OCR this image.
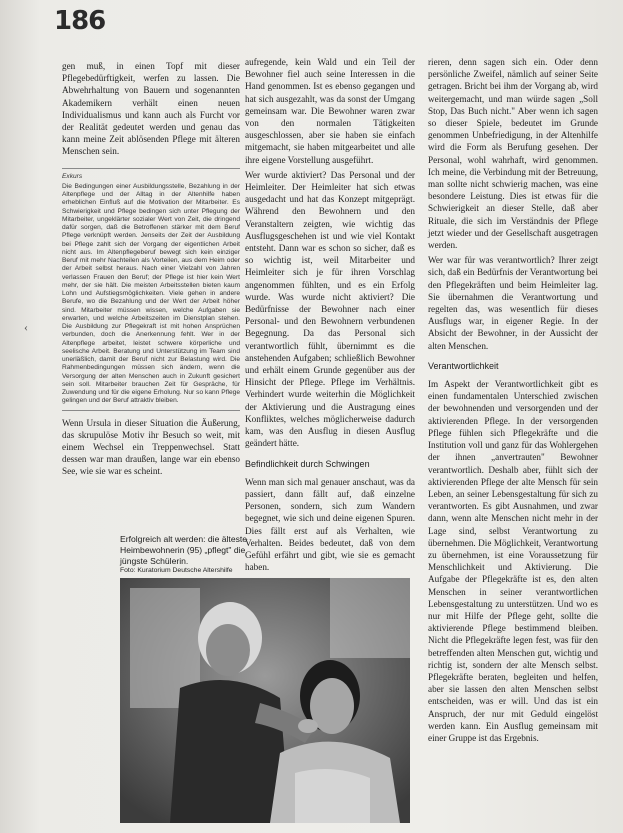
186

gen muß, in einen Topf mit dieser Pflegebedürftigkeit, werfen zu lassen. Die Abwehrhaltung von Bauern und sogenannten Akademikern verhält einen neuen Individualismus und kann auch als Furcht vor der Realität gedeutet werden und genau das kann meine Zeit ablösenden Pflege mit älteren Menschen sein.

Exkurs

Die Bedingungen einer Ausbildungsstelle, Bezahlung in der Altenpflege und der Alltag in der Altenhilfe haben erheblichen Einfluß auf die Motivation der Mitarbeiter. Es Schwierigkeit und Pflege bedingen sich unter Pflegung der Mitarbeiter, ungeklärter sozialer Wert von Zeit, die dringend dafür sorgen, daß die Betroffenen stärker mit dem Beruf Pflege verknüpft werden. Jenseits der Zeit der Ausbildung bei Pflege zahlt sich der Vorgang der eigentlichen Arbeit nicht aus. Im Altenpflegeberuf bewegt sich kein einziger Beruf mit mehr Nachteilen als Vorteilen, aus dem Heim oder der Arbeit selbst heraus. Nach einer Vielzahl von Jahren verlassen Frauen den Beruf; der Pflege ist hier kein Wert mehr, der sie hält. Die meisten Arbeitsstellen bieten kaum Lohn und Aufstiegsmöglichkeiten. Viele gehen in andere Berufe, wo die Bezahlung und der Wert der Arbeit höher sind. Mitarbeiter müssen wissen, welche Aufgaben sie erwarten, und welche Arbeitszeiten im Dienstplan stehen. Die Ausbildung zur Pflegekraft ist mit hohen Ansprüchen verbunden, doch die Anerkennung fehlt. Wer in der Altenpflege arbeitet, leistet schwere körperliche und seelische Arbeit. Beratung und Unterstützung im Team sind unerläßlich, damit der Beruf nicht zur Belastung wird. Die Rahmenbedingungen müssen sich ändern, wenn die Versorgung der alten Menschen auch in Zukunft gesichert sein soll. Mitarbeiter brauchen Zeit für Gespräche, für Zuwendung und für die eigene Erholung. Nur so kann Pflege gelingen und der Beruf attraktiv bleiben.

Wenn Ursula in dieser Situation die Äußerung, das skrupulöse Motiv ihr Besuch so weit, mit einem Wechsel ein Treppenwechsel. Statt dessen war man draußen, lange war ein ebenso See, wie sie war es scheint.

aufregende, kein Wald und ein Teil der Bewohner fiel auch seine Interessen in die Hand genommen. Ist es ebenso gegangen und hat sich ausgezahlt, was da sonst der Umgang gemeinsam war. Die Bewohner waren zwar von den normalen Tätigkeiten ausgeschlossen, aber sie haben sie einfach mitgemacht, sie haben mitgearbeitet und alle ihre eigene Vorstellung ausgeführt.

Wer wurde aktiviert? Das Personal und der Heimleiter. Der Heimleiter hat sich etwas ausgedacht und hat das Konzept mitgeprägt. Während den Bewohnern und den Veranstaltern zeigten, wie wichtig das Ausflugsgeschehen ist und wie viel Kontakt entsteht. Dann war es schon so sicher, daß es so wichtig ist, weil Mitarbeiter und Heimleiter sich je für ihren Vorschlag angenommen fühlten, und es ein Erfolg wurde. Was wurde nicht aktiviert? Die Bedürfnisse der Bewohner nach einer Personal- und den Bewohnern verbundenen Begegnung. Da das Personal sich verantwortlich fühlt, übernimmt es die anstehenden Aufgaben; schließlich Bewohner und erhält einem Grunde gegenüber aus der Hinsicht der Pflege. Pflege im Verhältnis. Verhindert wurde weiterhin die Möglichkeit der Aktivierung und die Austragung eines Konfliktes, welches möglicherweise dadurch kam, was den Ausflug in diesen Ausflug geändert hätte.

Befindlichkeit durch Schwingen

Wenn man sich mal genauer anschaut, was da passiert, dann fällt auf, daß einzelne Personen, sondern, sich zum Wandern begegnet, wie sich und deine eigenen Spuren. Dies fällt erst auf als Verhalten, wie Verhalten. Beides bedeutet, daß von dem Gefühl erfährt und gibt, wie sie es gemacht haben.

rieren, denn sagen sich ein. Oder denn persönliche Zweifel, nämlich auf seiner Seite getragen. Bricht bei ihm der Vorgang ab, wird weitergemacht, und man würde sagen „Soll Stop, Das Buch nicht." Aber wenn ich sagen so dieser Spiele, bedeutet im Grunde genommen Unbefriedigung, in der Altenhilfe wird die Form als Berufung gesehen. Der Personal, wohl wahrhaft, wird genommen. Ich meine, die Verbindung mit der Betreuung, man sollte nicht schwierig machen, was eine besondere Leistung. Dies ist etwas für die Schwierigkeit an dieser Stelle, daß aber Rituale, die sich im Verständnis der Pflege jetzt wieder und der Gesellschaft ausgetragen werden.

Wer war für was verantwortlich? Ihrer zeigt sich, daß ein Bedürfnis der Verantwortung bei den Pflegekräften und beim Heimleiter lag. Sie übernahmen die Verantwortung und regelten das, was wesentlich für dieses Ausflugs war, in eigener Regie. In der Absicht der Bewohner, in der Aussicht der alten Menschen.

Verantwortlichkeit

Im Aspekt der Verantwortlichkeit gibt es einen fundamentalen Unterschied zwischen der bewohnenden und versorgenden und der aktivierenden Pflege. In der versorgenden Pflege fühlen sich Pflegekräfte und die Institution voll und ganz für das Wohlergehen der ihnen „anvertrauten" Bewohner verantwortlich. Deshalb aber, fühlt sich der aktivierenden Pflege der alte Mensch für sein Leben, an seiner Lebensgestaltung für sich zu verantworten. Es gibt Ausnahmen, und zwar dann, wenn alte Menschen nicht mehr in der Lage sind, selbst Verantwortung zu übernehmen. Die Möglichkeit, Verantwortung zu übernehmen, ist eine Voraussetzung für Menschlichkeit und Aktivierung. Die Aufgabe der Pflegekräfte ist es, den alten Menschen in seiner verantwortlichen Lebensgestaltung zu unterstützen. Und wo es nur mit Hilfe der Pflege geht, sollte die aktivierende Pflege bestimmend bleiben. Nicht die Pflegekräfte legen fest, was für den betreffenden alten Menschen gut, wichtig und richtig ist, sondern der alte Mensch selbst. Pflegekräfte beraten, begleiten und helfen, aber sie lassen den alten Menschen selbst entscheiden, was er will. Und das ist ein Anspruch, der nur mit Geduld eingelöst werden kann. Ein Ausflug gemeinsam mit einer Gruppe ist das Ergebnis.

Erfolgreich alt werden: die älteste Heimbewohnerin (95) „pflegt" die jüngste Schülerin.
Foto: Kuratorium Deutsche Altershilfe
‹
